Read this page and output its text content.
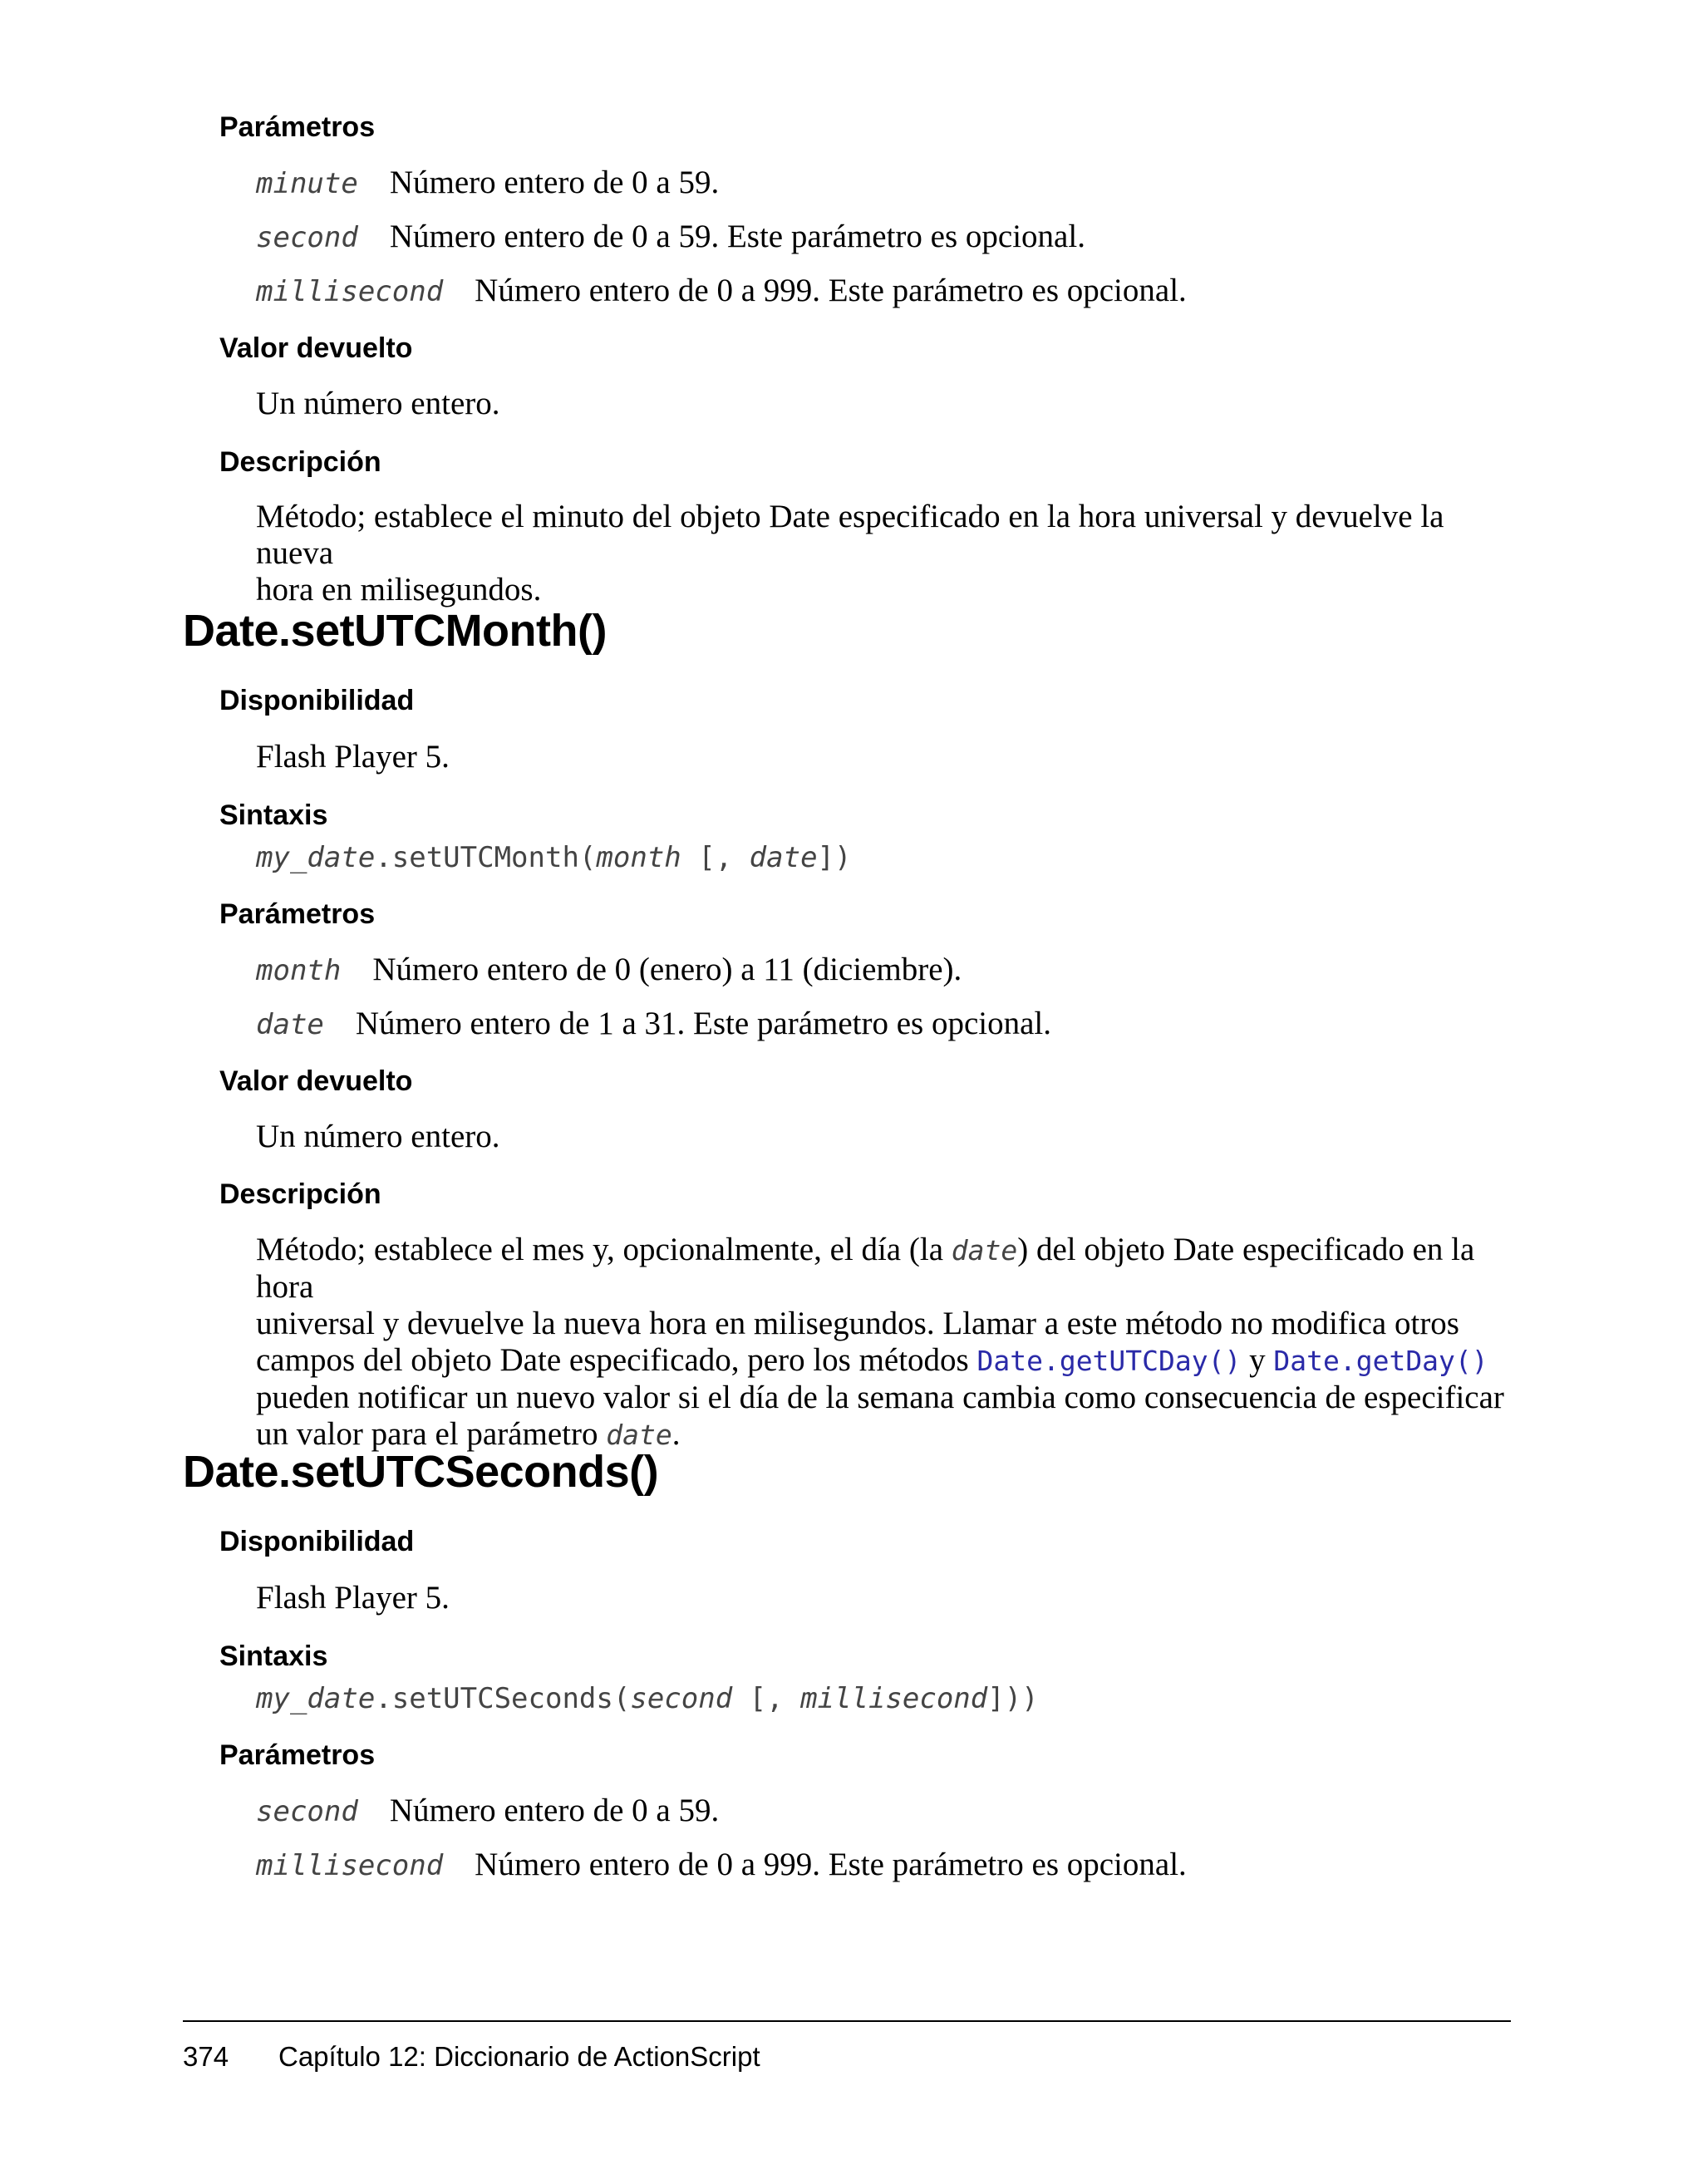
Parámetros
minute Número entero de 0 a 59.
second Número entero de 0 a 59. Este parámetro es opcional.
millisecond Número entero de 0 a 999. Este parámetro es opcional.
Valor devuelto
Un número entero.
Descripción
Método; establece el minuto del objeto Date especificado en la hora universal y devuelve la nueva
hora en milisegundos.
Date.setUTCMonth()
Disponibilidad
Flash Player 5.
Sintaxis
my_date.setUTCMonth(month [, date])
Parámetros
month Número entero de 0 (enero) a 11 (diciembre).
date Número entero de 1 a 31. Este parámetro es opcional.
Valor devuelto
Un número entero.
Descripción
Método; establece el mes y, opcionalmente, el día (la date) del objeto Date especificado en la hora
universal y devuelve la nueva hora en milisegundos. Llamar a este método no modifica otros
campos del objeto Date especificado, pero los métodos Date.getUTCDay() y Date.getDay()
pueden notificar un nuevo valor si el día de la semana cambia como consecuencia de especificar
un valor para el parámetro date.
Date.setUTCSeconds()
Disponibilidad
Flash Player 5.
Sintaxis
my_date.setUTCSeconds(second [, millisecond]))
Parámetros
second Número entero de 0 a 59.
millisecond Número entero de 0 a 999. Este parámetro es opcional.
374 Capítulo 12: Diccionario de ActionScript
